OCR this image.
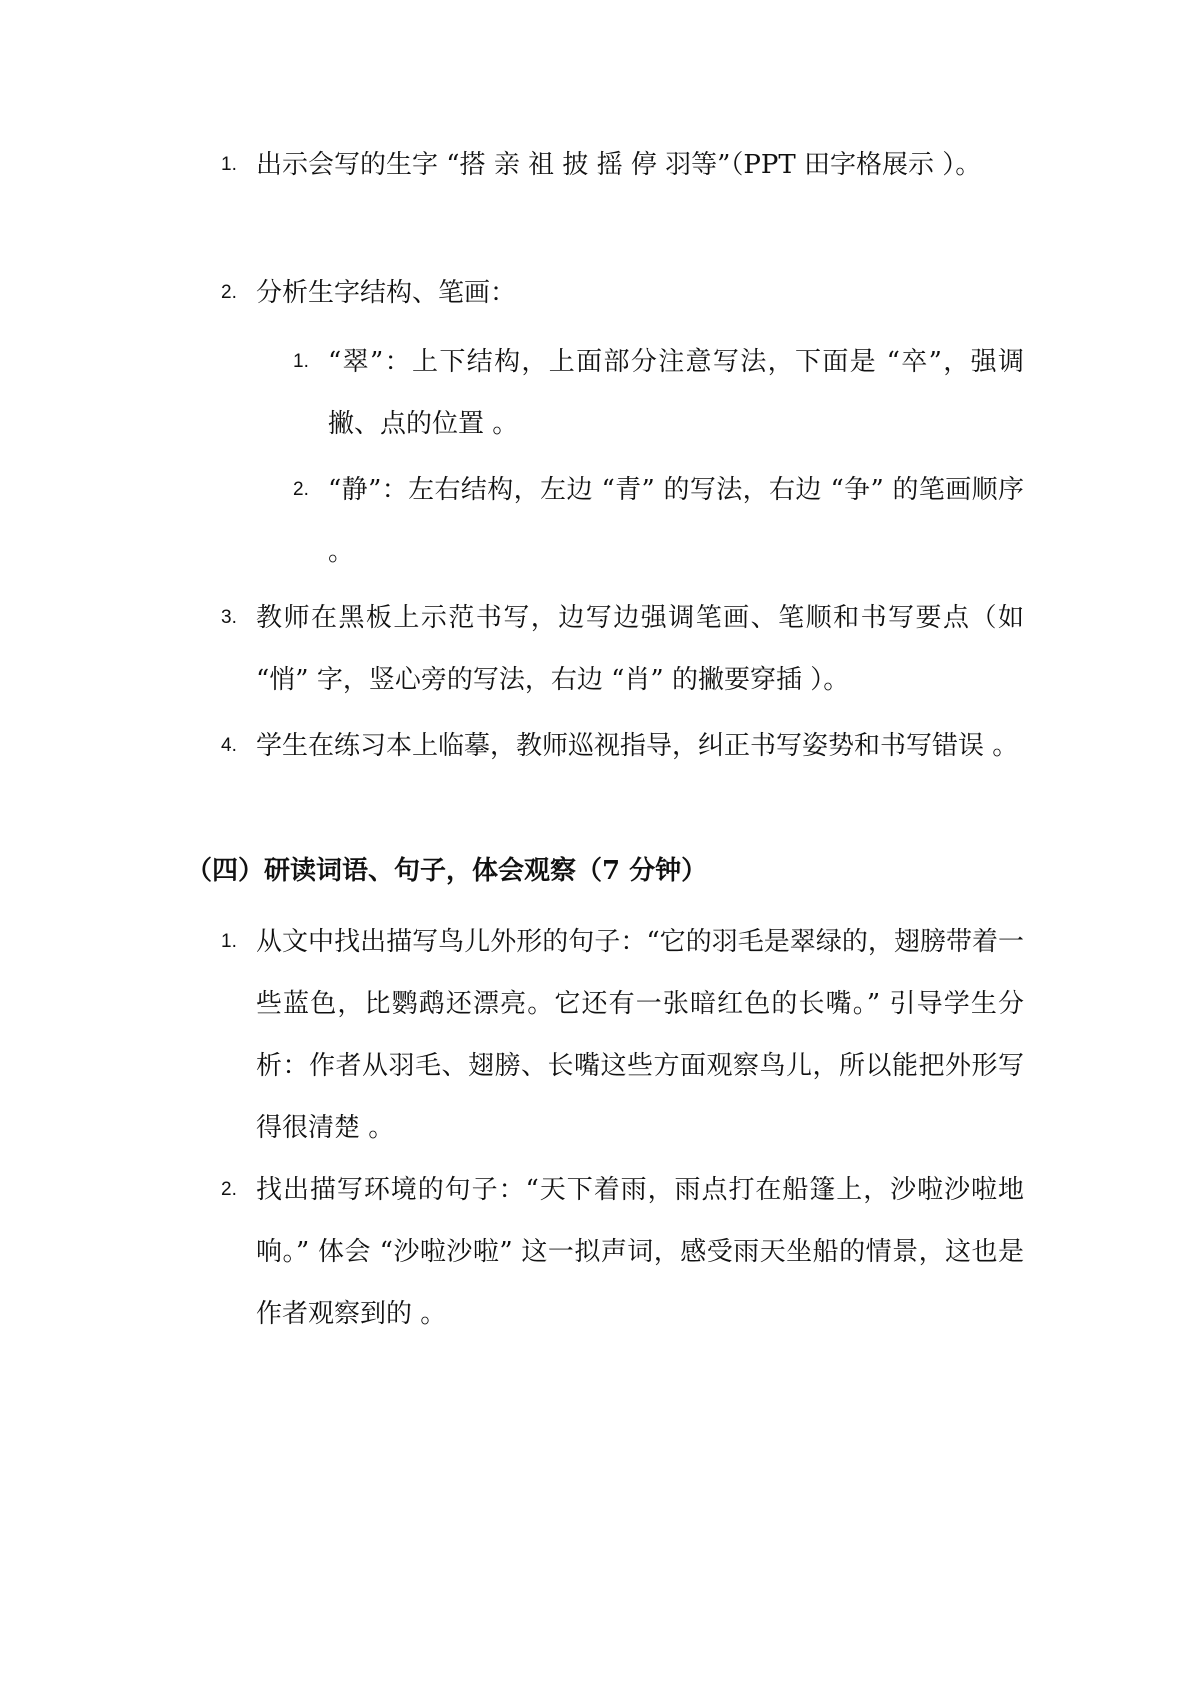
1. 出示会写的生字 “搭 亲 祖 披 摇 停 羽等”（PPT 田字格展示 ）。
2. 分析生字结构、笔画：
1. “翠”：上下结构，上面部分注意写法，下面是 “卒”，强调撇、点的位置 。
2. “静”：左右结构，左边 “青” 的写法，右边 “争” 的笔画顺序 。
3. 教师在黑板上示范书写，边写边强调笔画、笔顺和书写要点（如 “悄” 字，竖心旁的写法，右边 “肖” 的撇要穿插 ）。
4. 学生在练习本上临摹，教师巡视指导，纠正书写姿势和书写错误 。
（四）研读词语、句子，体会观察（7 分钟）
1. 从文中找出描写鸟儿外形的句子：“它的羽毛是翠绿的，翅膀带着一些蓝色，比鹦鹉还漂亮。它还有一张暗红色的长嘴。” 引导学生分析：作者从羽毛、翅膀、长嘴这些方面观察鸟儿，所以能把外形写得很清楚 。
2. 找出描写环境的句子：“天下着雨，雨点打在船篷上，沙啦沙啦地响。” 体会 “沙啦沙啦” 这一拟声词，感受雨天坐船的情景，这也是作者观察到的 。
